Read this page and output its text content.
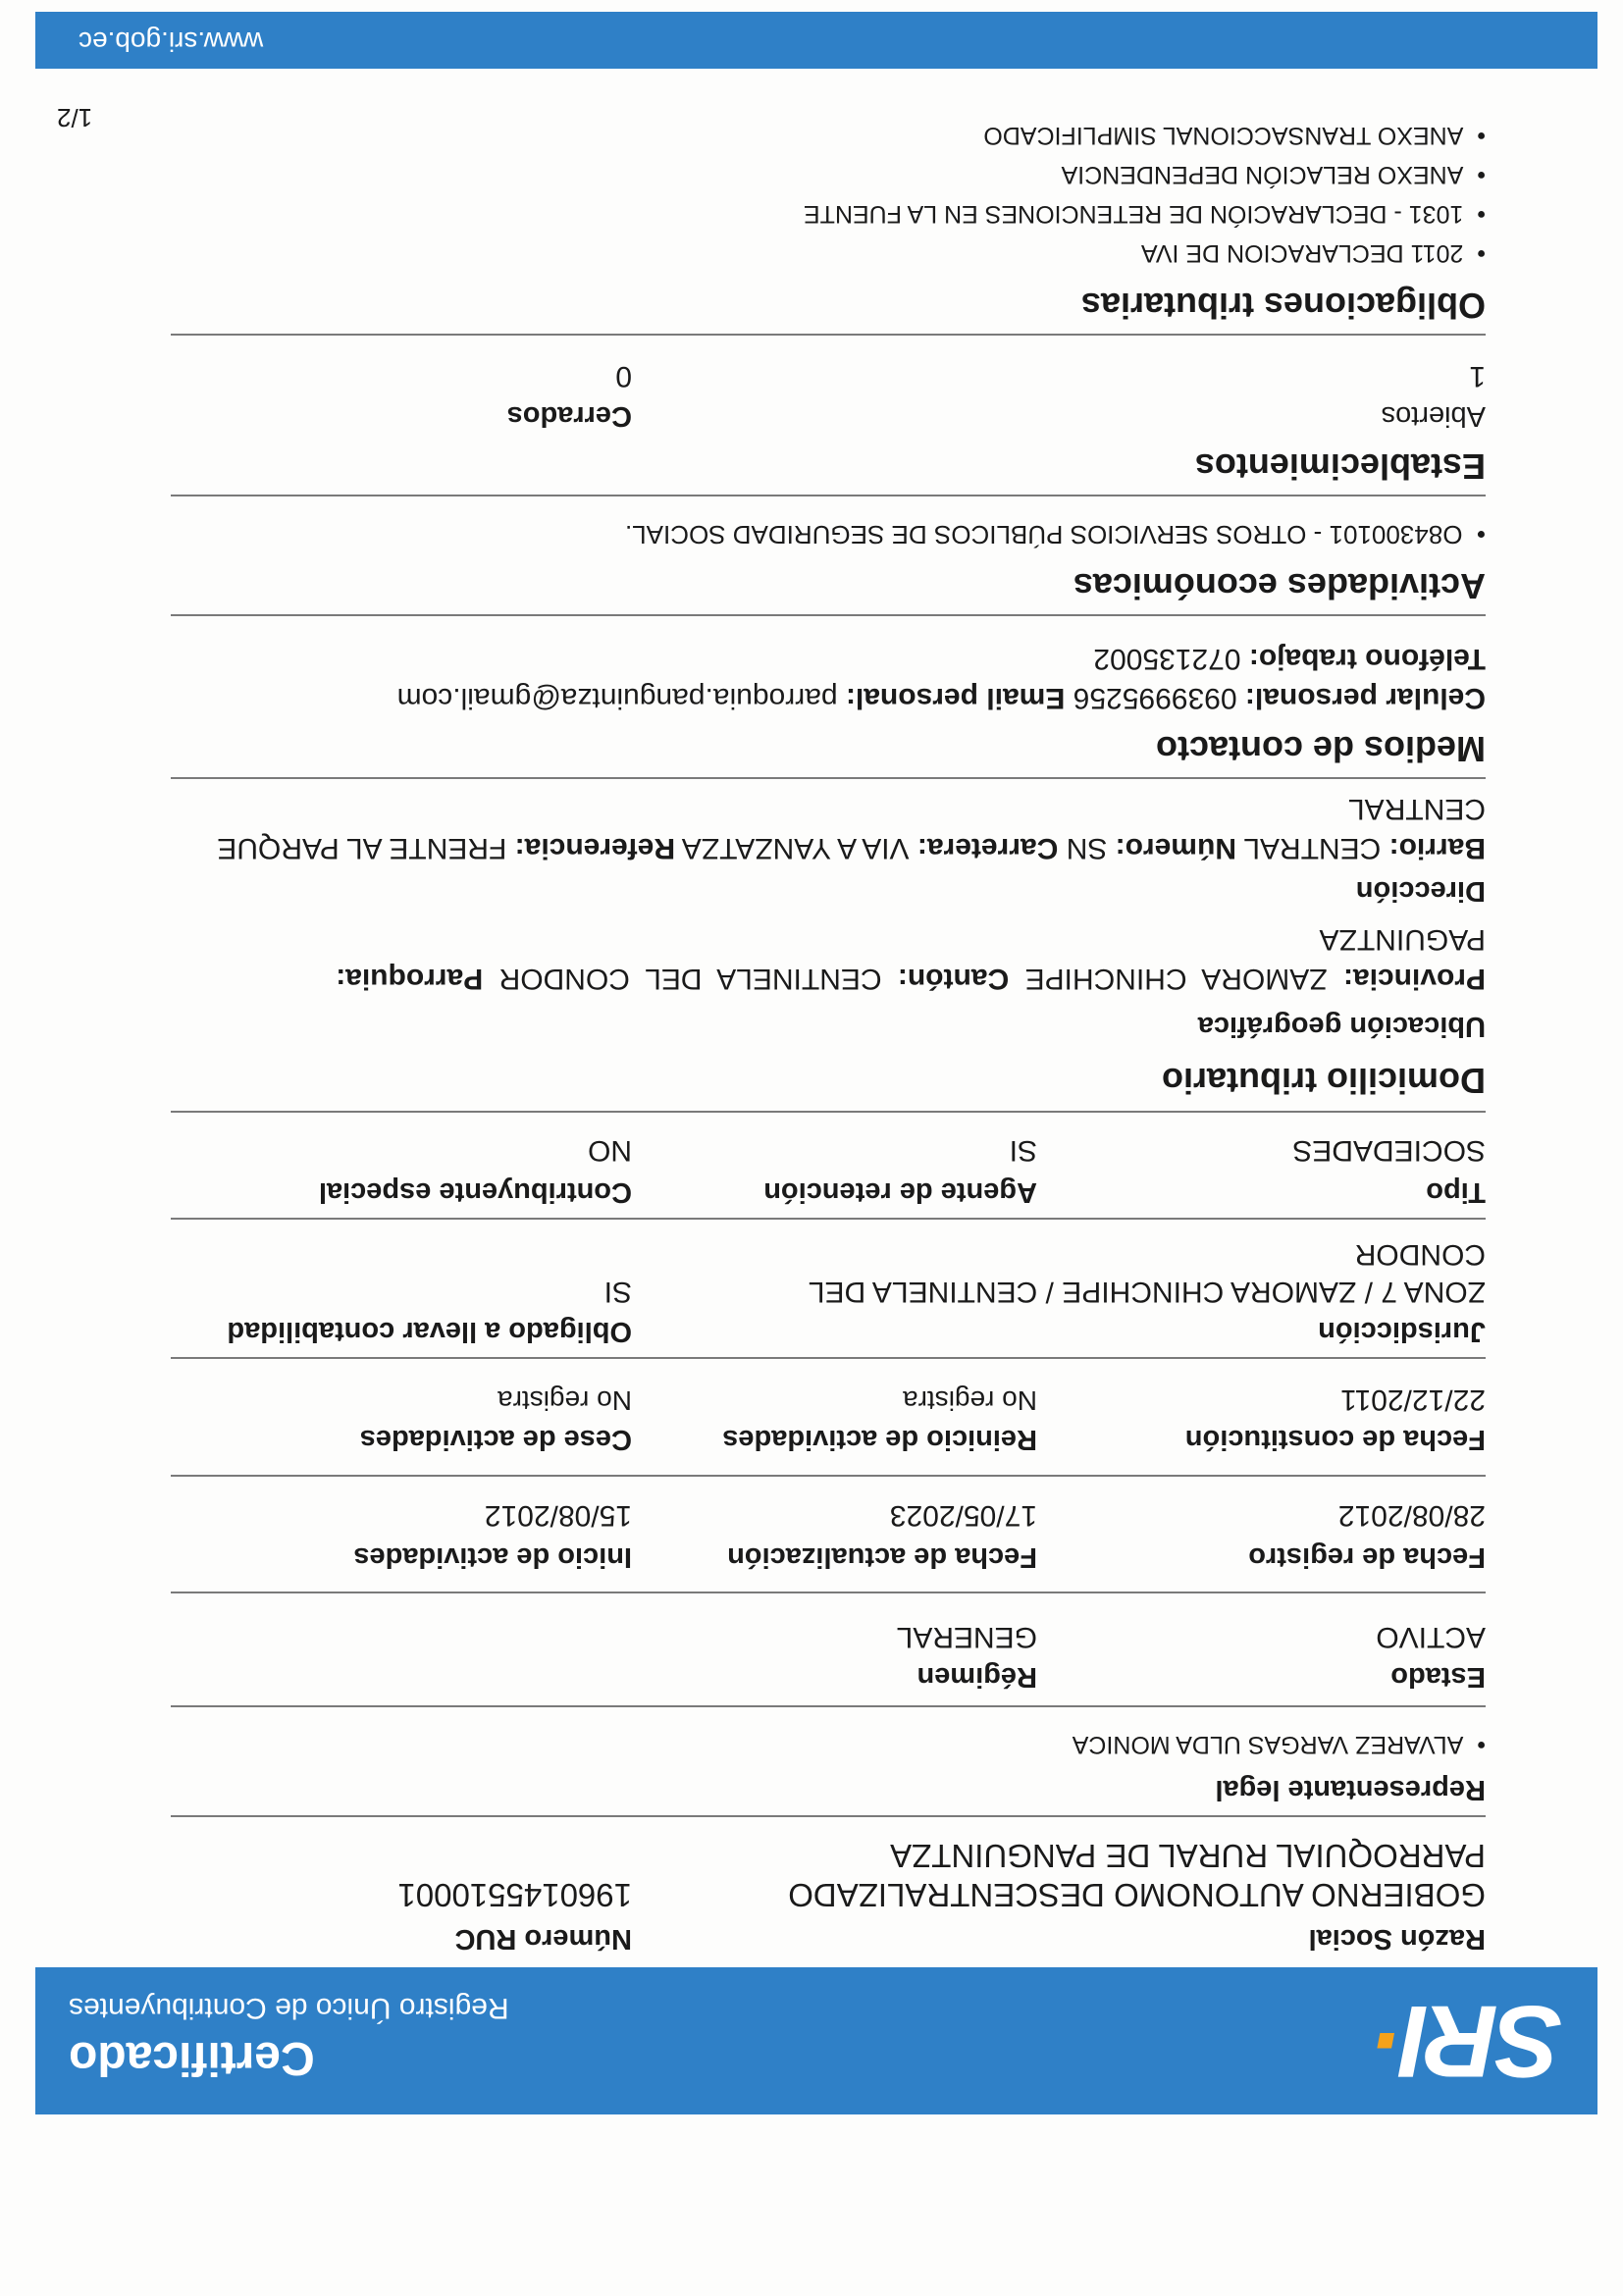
SRI·
Certificado
Registro Único de Contribuyentes
Razón Social
Número RUC
GOBIERNO AUTONOMO DESCENTRALIZADO
1960145510001
PARROQUIAL RURAL DE PANGUINTZA
Representante legal
•  ALVAREZ VARGAS ULDA MONICA
Estado
Régimen
ACTIVO
GENERAL
Fecha de registro
Fecha de actualización
Inicio de actividades
28/08/2012
17/05/2023
15/08/2012
Fecha de constitución
Reinicio de actividades
Cese de actividades
22/12/2011
No registra
No registra
Jurisdicción
Obligado a llevar contabilidad
ZONA 7 / ZAMORA CHINCHIPE / CENTINELA DEL
SI
CONDOR
Tipo
Agente de retención
Contribuyente especial
SOCIEDADES
SI
NO
Domicilio tributario
Ubicación geográfica
Provincia: ZAMORA CHINCHIPE Cantón: CENTINELA DEL CONDOR Parroquia:
PAGUINTZA
Dirección
Barrio: CENTRAL Número: SN Carretera: VIA A YANZATZA Referencia: FRENTE AL PARQUE CENTRAL
Medios de contacto
Celular personal: 0939995256 Email personal: parroquia.panguintza@gmail.com
Teléfono trabajo: 072135002
Actividades económicas
•  O84300101 - OTROS SERVICIOS PÚBLICOS DE SEGURIDAD SOCIAL.
Establecimientos
Abiertos
Cerrados
1
0
Obligaciones tributarias
•  2011 DECLARACION DE IVA
•  1031 - DECLARACIÓN DE RETENCIONES EN LA FUENTE
•  ANEXO RELACIÓN DEPENDENCIA
•  ANEXO TRANSACCIONAL SIMPLIFICADO
1/2
www.sri.gob.ec
